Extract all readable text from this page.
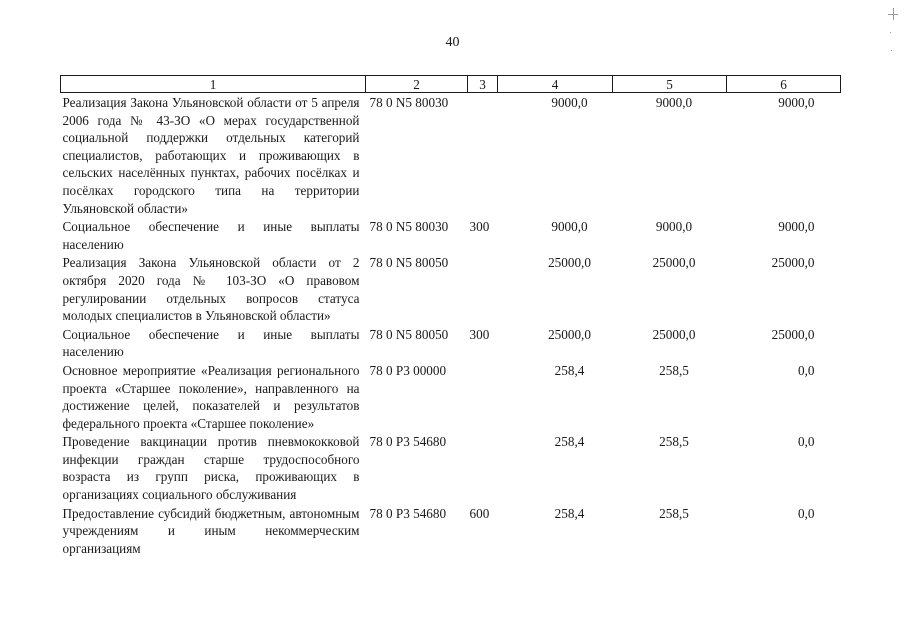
40
1	2	3	4	5	6
Реализация Закона Ульяновской области от 5 апреля 2006 года № 43-ЗО «О мерах государственной социальной поддержки отдельных категорий специалистов, работающих и проживающих в сельских населённых пунктах, рабочих посёлках и посёлках городского типа на территории Ульяновской области»	78 0 N5 80030		9000,0	9000,0	9000,0
Социальное обеспечение и иные выплаты населению	78 0 N5 80030	300	9000,0	9000,0	9000,0
Реализация Закона Ульяновской области от 2 октября 2020 года № 103-ЗО «О правовом регулировании отдельных вопросов статуса молодых специалистов в Ульяновской области»	78 0 N5 80050		25000,0	25000,0	25000,0
Социальное обеспечение и иные выплаты населению	78 0 N5 80050	300	25000,0	25000,0	25000,0
Основное мероприятие «Реализация регионального проекта «Старшее поколение», направленного на достижение целей, показателей и результатов федерального проекта «Старшее поколение»	78 0 P3 00000		258,4	258,5	0,0
Проведение вакцинации против пневмококковой инфекции граждан старше трудоспособного возраста из групп риска, проживающих в организациях социального обслуживания	78 0 P3 54680		258,4	258,5	0,0
Предоставление субсидий бюджетным, автономным учреждениям и иным некоммерческим организациям	78 0 P3 54680	600	258,4	258,5	0,0
